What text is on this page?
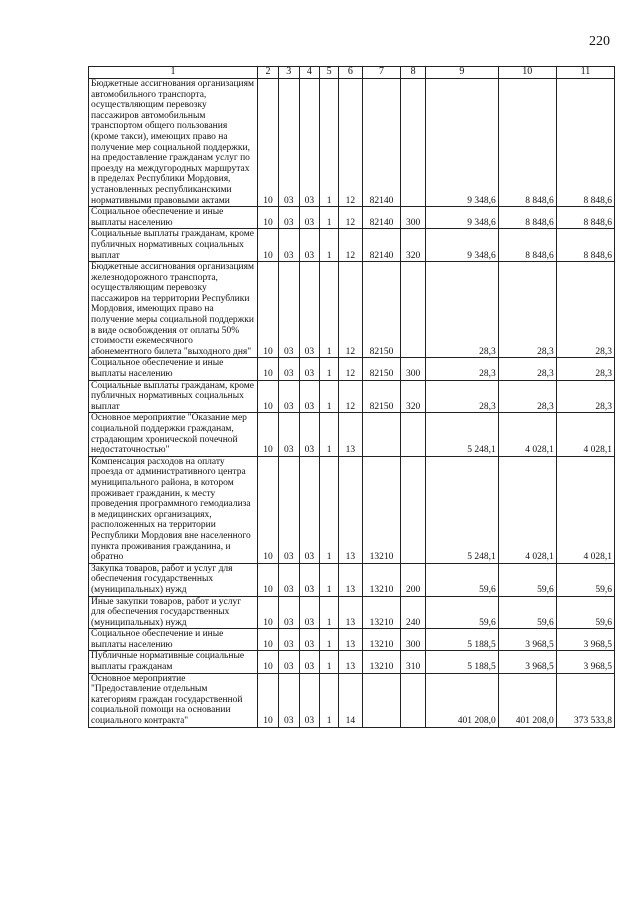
220
1	2	3	4	5	6	7	8	9	10	11
Бюджетные ассигнования организациям автомобильного транспорта, осуществляющим перевозку пассажиров автомобильным транспортом общего пользования (кроме такси), имеющих право на получение мер социальной поддержки, на предоставление гражданам услуг по проезду на междугородных маршрутах в пределах Республики Мордовия, установленных республиканскими нормативными правовыми актами	10	03	03	1	12	82140		9 348,6	8 848,6	8 848,6
Социальное обеспечение и иные выплаты населению	10	03	03	1	12	82140	300	9 348,6	8 848,6	8 848,6
Социальные выплаты гражданам, кроме публичных нормативных социальных выплат	10	03	03	1	12	82140	320	9 348,6	8 848,6	8 848,6
Бюджетные ассигнования организациям железнодорожного транспорта, осуществляющим перевозку пассажиров на территории Республики Мордовия, имеющих право на получение меры социальной поддержки в виде освобождения от оплаты 50% стоимости ежемесячного абонементного билета "выходного дня"	10	03	03	1	12	82150		28,3	28,3	28,3
Социальное обеспечение и иные выплаты населению	10	03	03	1	12	82150	300	28,3	28,3	28,3
Социальные выплаты гражданам, кроме публичных нормативных социальных выплат	10	03	03	1	12	82150	320	28,3	28,3	28,3
Основное мероприятие "Оказание мер социальной поддержки гражданам, страдающим хронической почечной недостаточностью"	10	03	03	1	13			5 248,1	4 028,1	4 028,1
Компенсация расходов на оплату проезда от административного центра муниципального района, в котором проживает гражданин, к месту проведения программного гемодиализа в медицинских организациях, расположенных на территории Республики Мордовия вне населенного пункта проживания гражданина, и обратно	10	03	03	1	13	13210		5 248,1	4 028,1	4 028,1
Закупка товаров, работ и услуг для обеспечения государственных (муниципальных) нужд	10	03	03	1	13	13210	200	59,6	59,6	59,6
Иные закупки товаров, работ и услуг для обеспечения государственных (муниципальных) нужд	10	03	03	1	13	13210	240	59,6	59,6	59,6
Социальное обеспечение и иные выплаты населению	10	03	03	1	13	13210	300	5 188,5	3 968,5	3 968,5
Публичные нормативные социальные выплаты гражданам	10	03	03	1	13	13210	310	5 188,5	3 968,5	3 968,5
Основное мероприятие "Предоставление отдельным категориям граждан государственной социальной помощи на основании социального контракта"	10	03	03	1	14			401 208,0	401 208,0	373 533,8
